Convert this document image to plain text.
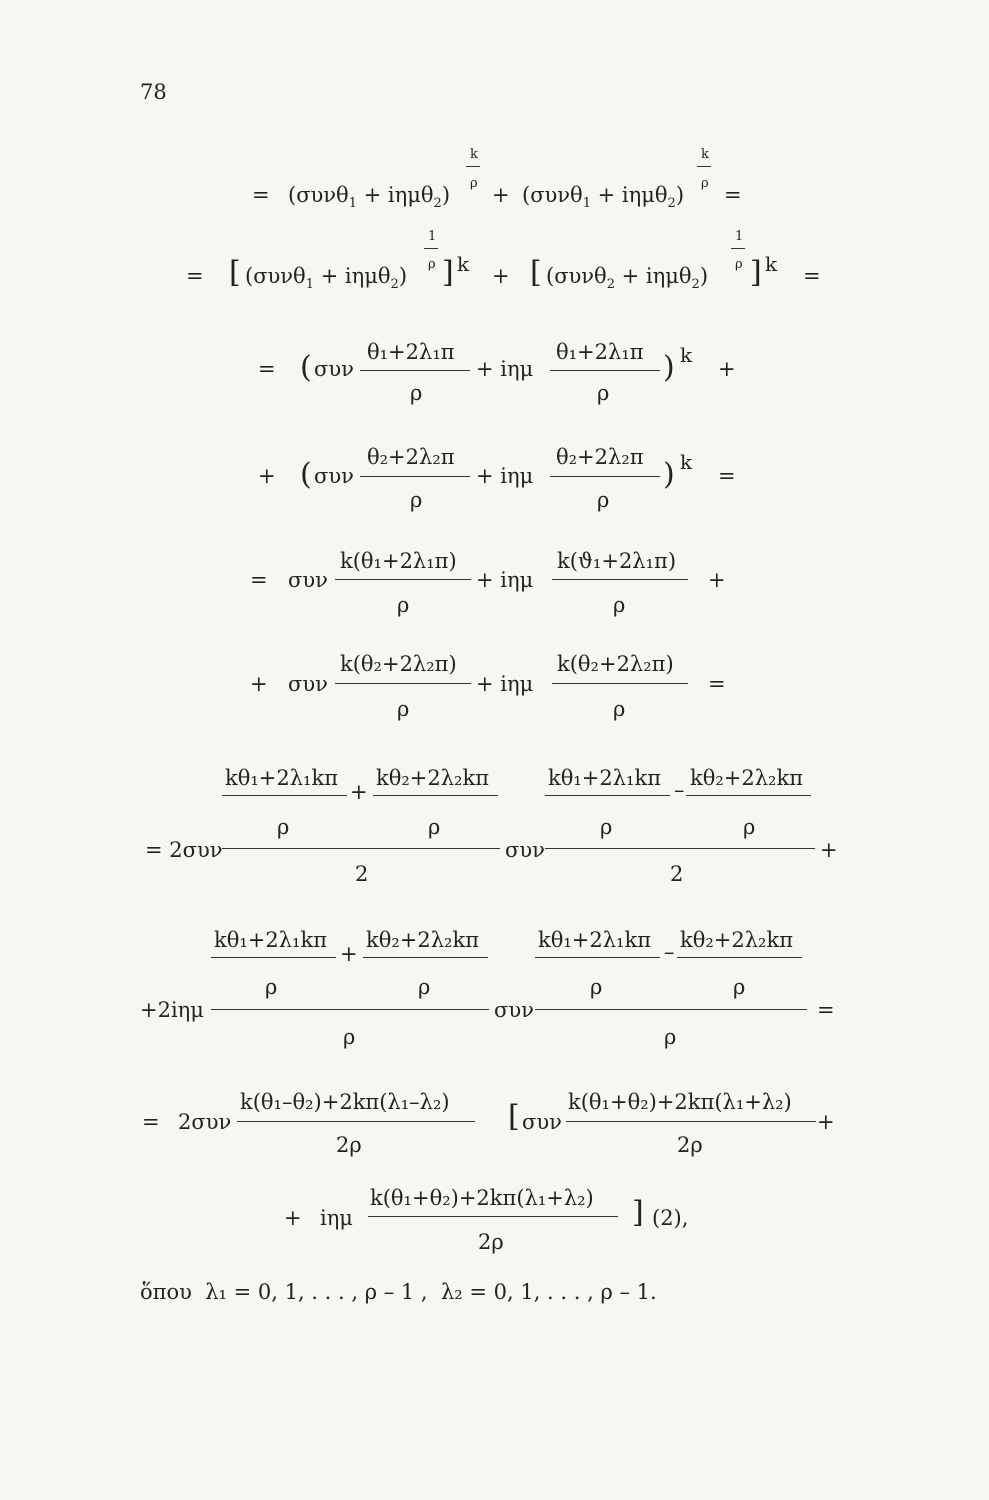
78
= (συνθ$_1$ + iημθ$_2$)
k
ρ + (συνθ$_1$ + iημθ$_2$)
k
ρ =
= [ (συνθ$_1$ + iημθ$_2$)
1
ρ ] k + [ (συνθ$_2$ + iημθ$_2$)
1
ρ ] k =
= ( συν
θ₁+2λ₁π
ρ
+ iημ
θ₁+2λ₁π
ρ
) k
+
+ ( συν
θ₂+2λ₂π
ρ
+ iημ
θ₂+2λ₂π
ρ
) k
=
= συν
k(θ₁+2λ₁π)
ρ
+ iημ
k(ϑ₁+2λ₁π)
ρ
+
+ συν
k(θ₂+2λ₂π)
ρ
+ iημ
k(θ₂+2λ₂π)
ρ
=
kθ₁+2λ₁kπ
ρ
+
kθ₂+2λ₂kπ
ρ
= 2συν
2
συν
kθ₁+2λ₁kπ
ρ
– kθ₂+2λ₂kπ
ρ
2
+
kθ₁+2λ₁kπ
ρ
+
kθ₂+2λ₂kπ
ρ
+2iημ
ρ
συν
kθ₁+2λ₁kπ
ρ
– kθ₂+2λ₂kπ
ρ
ρ
=
= 2συν
k(θ₁–θ₂)+2kπ(λ₁–λ₂)
2ρ
[ συν
k(θ₁+θ₂)+2kπ(λ₁+λ₂)
2ρ
+
+ iημ
k(θ₁+θ₂)+2kπ(λ₁+λ₂)
2ρ
] (2),
ὅπου  λ₁ = 0, 1, . . . , ρ – 1 ,  λ₂ = 0, 1, . . . , ρ – 1.
